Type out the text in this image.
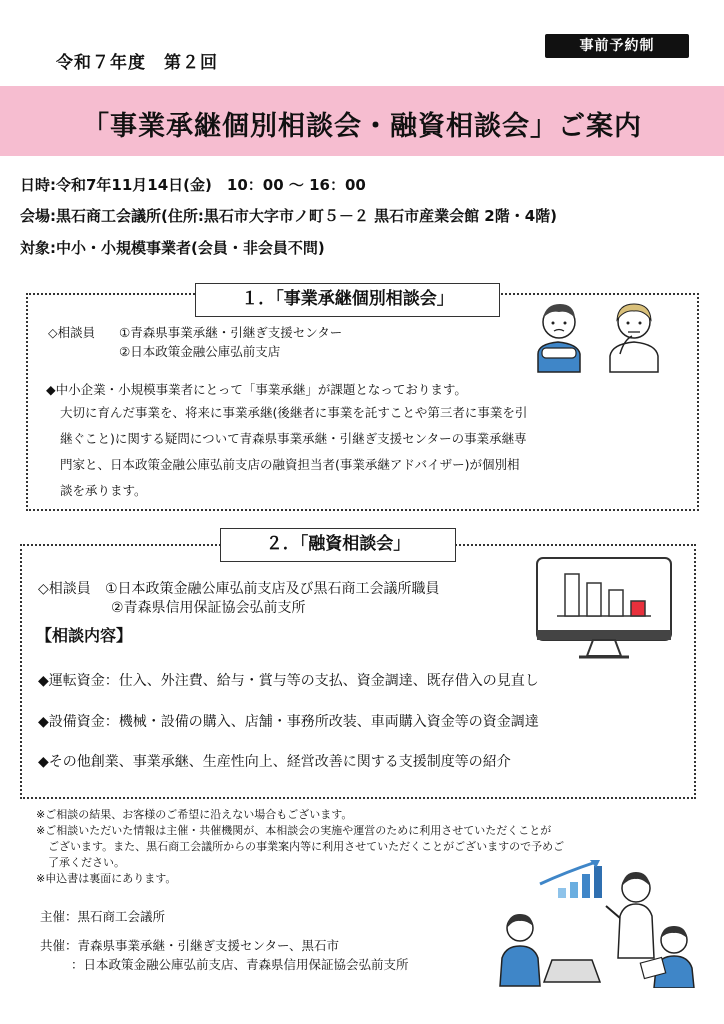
令和７年度　第２回
事前予約制
「事業承継個別相談会・融資相談会」ご案内
日時:令和7年11月14日(金)　10：00 ～ 16：00
会場:黒石商工会議所(住所:黒石市大字市ノ町５－２ 黒石市産業会館 2階・4階)
対象:中小・小規模事業者(会員・非会員不問)
１．「事業承継個別相談会」
◇相談員 ①青森県事業承継・引継ぎ支援センター
②日本政策金融公庫弘前支店
◆中小企業・小規模事業者にとって「事業承継」が課題となっております。
大切に育んだ事業を、将来に事業承継(後継者に事業を託すことや第三者に事業を引
継ぐこと)に関する疑問について青森県事業承継・引継ぎ支援センターの事業承継専
門家と、日本政策金融公庫弘前支店の融資担当者(事業承継アドバイザー)が個別相
談を承ります。
２．「融資相談会」
◇相談員 ①日本政策金融公庫弘前支店及び黒石商工会議所職員
②青森県信用保証協会弘前支所
【相談内容】
◆運転資金：仕入、外注費、給与・賞与等の支払、資金調達、既存借入の見直し
◆設備資金：機械・設備の購入、店舗・事務所改装、車両購入資金等の資金調達
◆その他創業、事業承継、生産性向上、経営改善に関する支援制度等の紹介
※ご相談の結果、お客様のご希望に沿えない場合もございます。
※ご相談いただいた情報は主催・共催機関が、本相談会の実施や運営のために利用させていただくことが
ございます。また、黒石商工会議所からの事業案内等に利用させていただくことがございますので予めご
了承ください。
※申込書は裏面にあります。
主催：黒石商工会議所
共催：青森県事業承継・引継ぎ支援センター、黒石市
：日本政策金融公庫弘前支店、青森県信用保証協会弘前支所
